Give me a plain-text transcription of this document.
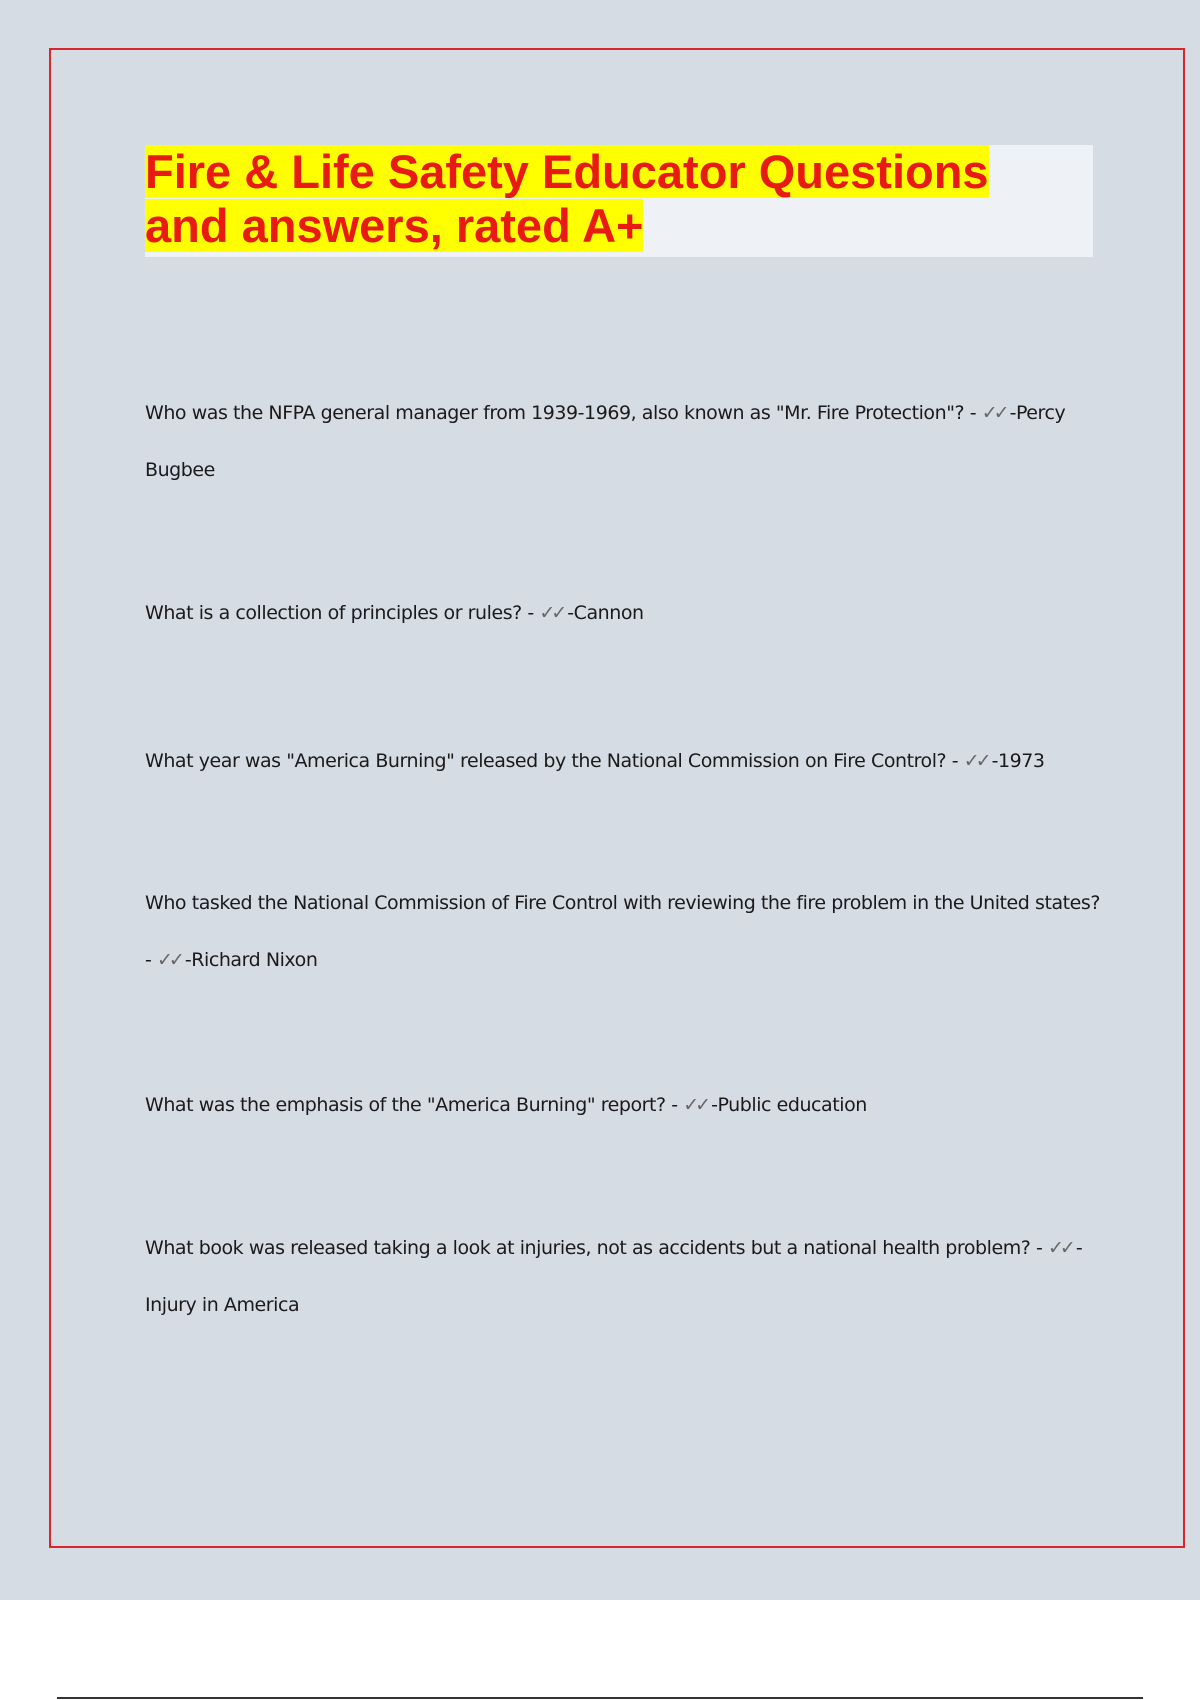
Fire & Life Safety Educator Questions
and answers, rated A+

Who was the NFPA general manager from 1939-1969, also known as "Mr. Fire Protection"? - ✓✓ -Percy Bugbee

What is a collection of principles or rules? - ✓✓ -Cannon

What year was "America Burning" released by the National Commission on Fire Control? - ✓✓ -1973

Who tasked the National Commission of Fire Control with reviewing the fire problem in the United states? - ✓✓ -Richard Nixon

What was the emphasis of the "America Burning" report? - ✓✓ -Public education

What book was released taking a look at injuries, not as accidents but a national health problem? - ✓✓ -Injury in America
